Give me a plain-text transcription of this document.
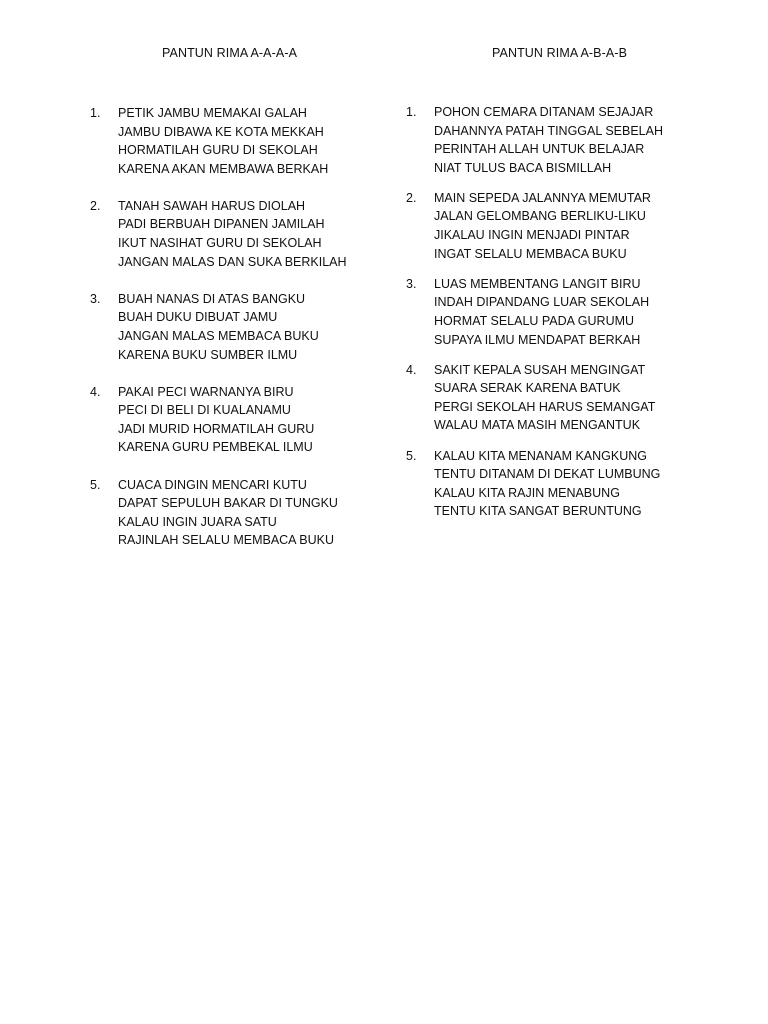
PANTUN RIMA A-A-A-A
1. PETIK JAMBU MEMAKAI GALAH
JAMBU DIBAWA KE KOTA MEKKAH
HORMATILAH GURU DI SEKOLAH
KARENA AKAN MEMBAWA BERKAH
2. TANAH SAWAH HARUS DIOLAH
PADI BERBUAH DIPANEN JAMILAH
IKUT NASIHAT GURU DI SEKOLAH
JANGAN MALAS DAN SUKA BERKILAH
3. BUAH NANAS DI ATAS BANGKU
BUAH DUKU DIBUAT JAMU
JANGAN MALAS MEMBACA BUKU
KARENA BUKU SUMBER ILMU
4. PAKAI PECI WARNANYA BIRU
PECI DI BELI DI KUALANAMU
JADI MURID HORMATILAH GURU
KARENA GURU PEMBEKAL ILMU
5. CUACA DINGIN MENCARI KUTU
DAPAT SEPULUH BAKAR DI TUNGKU
KALAU INGIN JUARA SATU
RAJINLAH SELALU MEMBACA BUKU
PANTUN RIMA A-B-A-B
1. POHON CEMARA DITANAM SEJAJAR
DAHANNYA PATAH TINGGAL SEBELAH
PERINTAH ALLAH UNTUK BELAJAR
NIAT TULUS BACA BISMILLAH
2. MAIN SEPEDA JALANNYA MEMUTAR
JALAN GELOMBANG BERLIKU-LIKU
JIKALAU INGIN MENJADI PINTAR
INGAT SELALU MEMBACA BUKU
3. LUAS MEMBENTANG LANGIT BIRU
INDAH DIPANDANG LUAR SEKOLAH
HORMAT SELALU PADA GURUMU
SUPAYA ILMU MENDAPAT BERKAH
4. SAKIT KEPALA SUSAH MENGINGAT
SUARA SERAK KARENA BATUK
PERGI SEKOLAH HARUS SEMANGAT
WALAU MATA MASIH MENGANTUK
5. KALAU KITA MENANAM KANGKUNG
TENTU DITANAM DI DEKAT LUMBUNG
KALAU KITA RAJIN MENABUNG
TENTU KITA SANGAT BERUNTUNG
